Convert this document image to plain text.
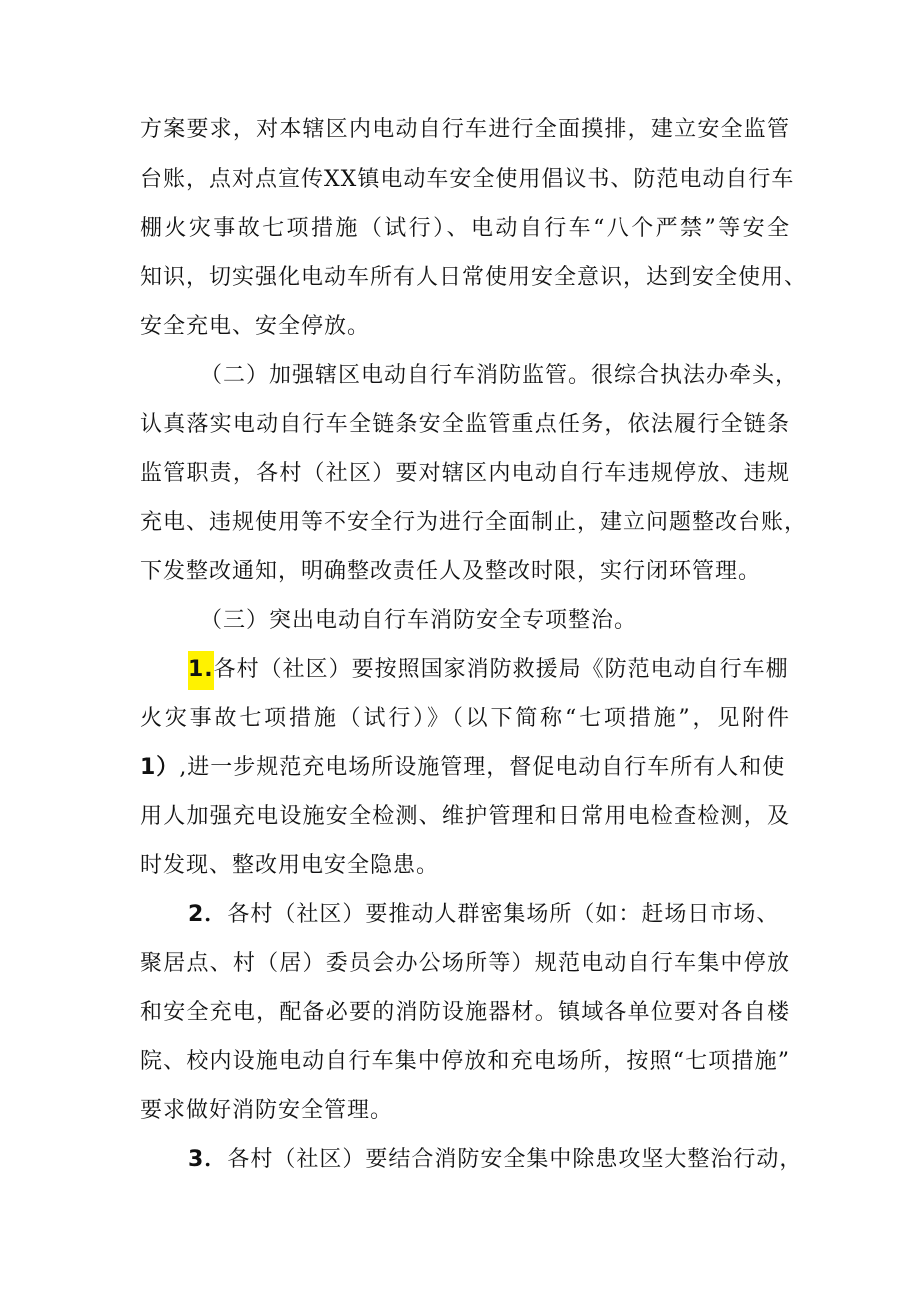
方案要求，对本辖区内电动自行车进行全面摸排，建立安全监管
台账，点对点宣传XX镇电动车安全使用倡议书、防范电动自行车
棚火灾事故七项措施（试行）、电动自行车“八个严禁”等安全
知识，切实强化电动车所有人日常使用安全意识，达到安全使用、
安全充电、安全停放。
（二）加强辖区电动自行车消防监管。很综合执法办牵头，
认真落实电动自行车全链条安全监管重点任务，依法履行全链条
监管职责，各村（社区）要对辖区内电动自行车违规停放、违规
充电、违规使用等不安全行为进行全面制止，建立问题整改台账，
下发整改通知，明确整改责任人及整改时限，实行闭环管理。
（三）突出电动自行车消防安全专项整治。
1.各村（社区）要按照国家消防救援局《防范电动自行车棚
火灾事故七项措施（试行）》（以下简称“七项措施”，见附件
1）,进一步规范充电场所设施管理，督促电动自行车所有人和使
用人加强充电设施安全检测、维护管理和日常用电检查检测，及
时发现、整改用电安全隐患。
2．各村（社区）要推动人群密集场所（如：赶场日市场、
聚居点、村（居）委员会办公场所等）规范电动自行车集中停放
和安全充电，配备必要的消防设施器材。镇域各单位要对各自楼
院、校内设施电动自行车集中停放和充电场所，按照“七项措施”
要求做好消防安全管理。
3．各村（社区）要结合消防安全集中除患攻坚大整治行动，
